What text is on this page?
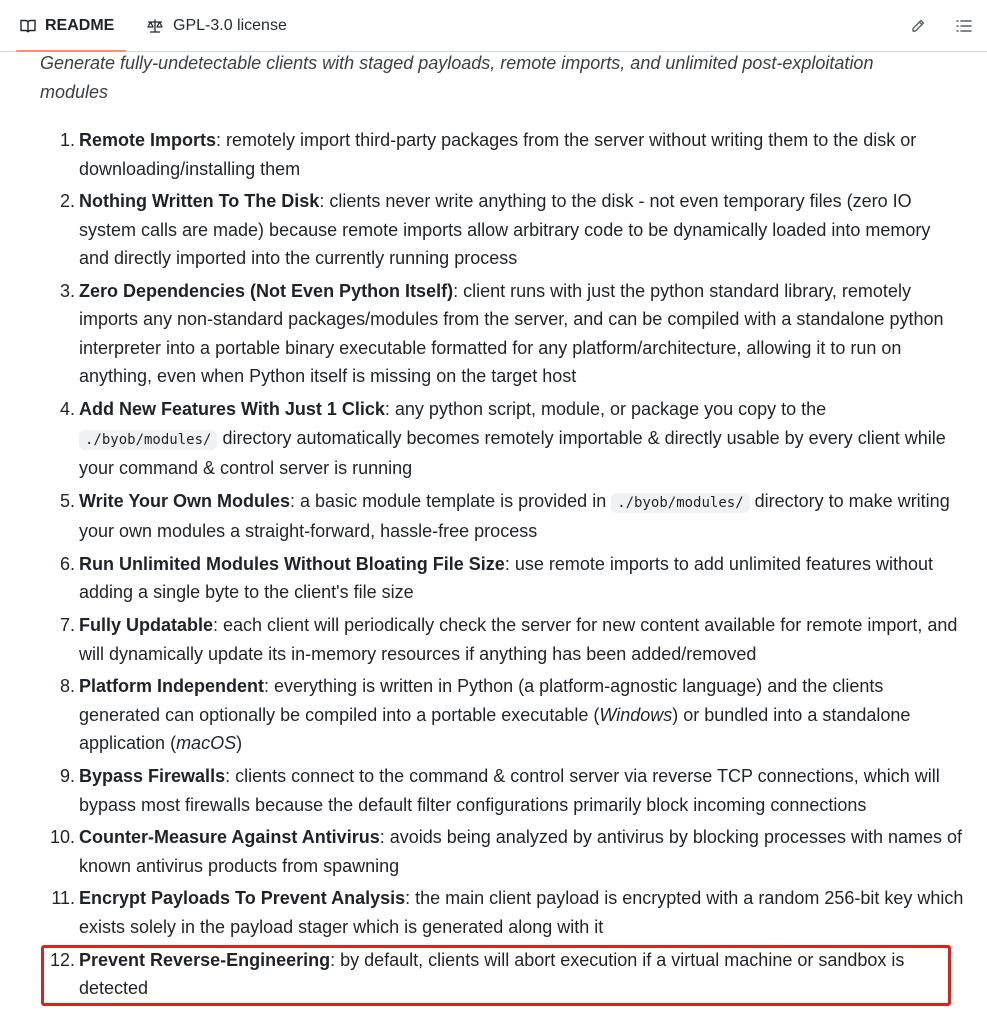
README	GPL-3.0 license
Generate fully-undetectable clients with staged payloads, remote imports, and unlimited post-exploitation modules
1. Remote Imports: remotely import third-party packages from the server without writing them to the disk or downloading/installing them
2. Nothing Written To The Disk: clients never write anything to the disk - not even temporary files (zero IO system calls are made) because remote imports allow arbitrary code to be dynamically loaded into memory and directly imported into the currently running process
3. Zero Dependencies (Not Even Python Itself): client runs with just the python standard library, remotely imports any non-standard packages/modules from the server, and can be compiled with a standalone python interpreter into a portable binary executable formatted for any platform/architecture, allowing it to run on anything, even when Python itself is missing on the target host
4. Add New Features With Just 1 Click: any python script, module, or package you copy to the ./byob/modules/ directory automatically becomes remotely importable & directly usable by every client while your command & control server is running
5. Write Your Own Modules: a basic module template is provided in ./byob/modules/ directory to make writing your own modules a straight-forward, hassle-free process
6. Run Unlimited Modules Without Bloating File Size: use remote imports to add unlimited features without adding a single byte to the client's file size
7. Fully Updatable: each client will periodically check the server for new content available for remote import, and will dynamically update its in-memory resources if anything has been added/removed
8. Platform Independent: everything is written in Python (a platform-agnostic language) and the clients generated can optionally be compiled into a portable executable (Windows) or bundled into a standalone application (macOS)
9. Bypass Firewalls: clients connect to the command & control server via reverse TCP connections, which will bypass most firewalls because the default filter configurations primarily block incoming connections
10. Counter-Measure Against Antivirus: avoids being analyzed by antivirus by blocking processes with names of known antivirus products from spawning
11. Encrypt Payloads To Prevent Analysis: the main client payload is encrypted with a random 256-bit key which exists solely in the payload stager which is generated along with it
12. Prevent Reverse-Engineering: by default, clients will abort execution if a virtual machine or sandbox is detected
